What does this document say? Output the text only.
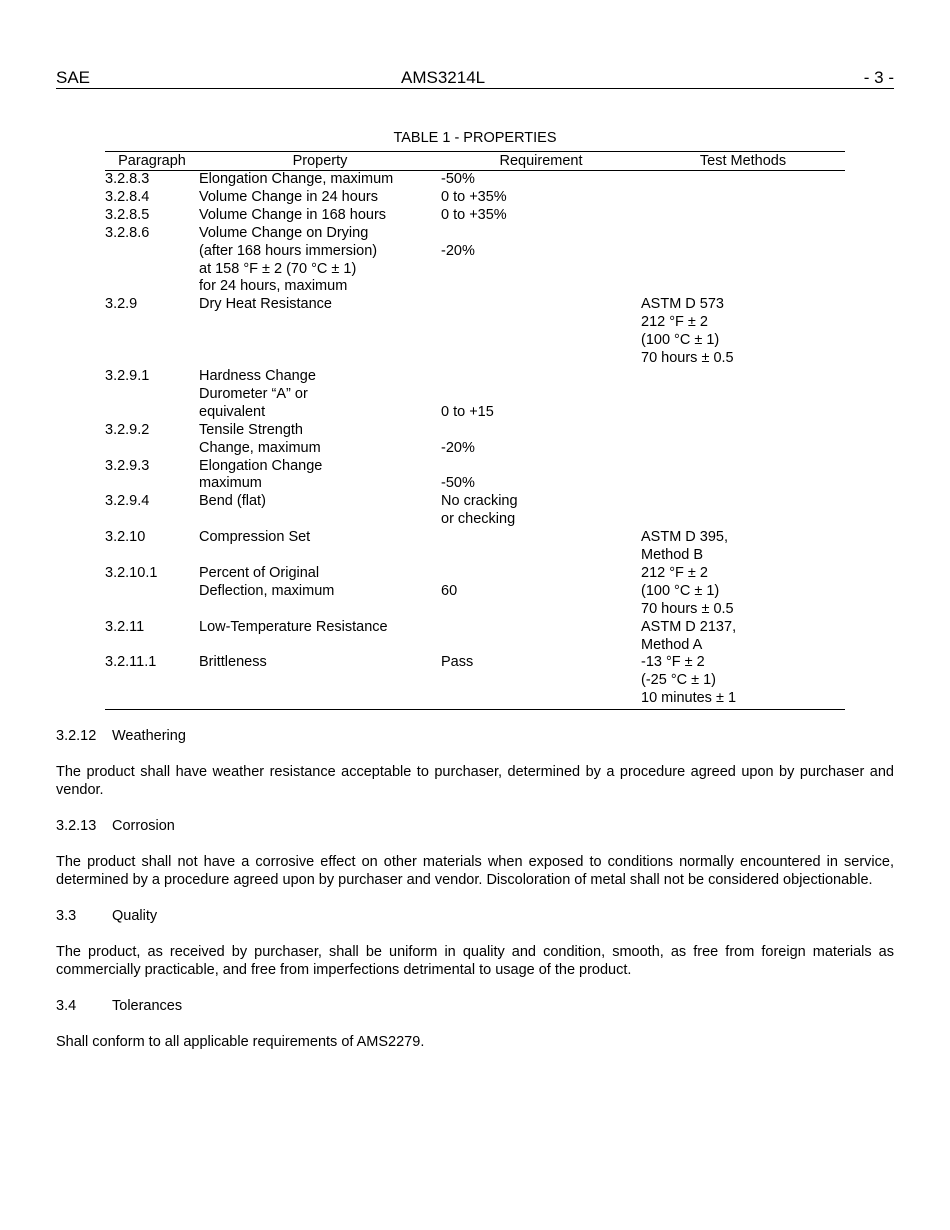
SAE	AMS3214L	- 3 -
TABLE 1 - PROPERTIES
Paragraph	Property	Requirement	Test Methods

3.2.8.3	Elongation Change, maximum	-50%	

3.2.8.4	Volume Change in 24 hours	0 to +35%	

3.2.8.5	Volume Change in 168 hours	0 to +35%	

3.2.8.6	Volume Change on Drying
(after 168 hours immersion)
at 158 °F ± 2 (70 °C ± 1)
for 24 hours, maximum	-20%	

3.2.9	Dry Heat Resistance		ASTM D 573
212 °F ± 2
(100 °C ± 1)
70 hours ± 0.5

3.2.9.1	Hardness Change
Durometer “A” or
equivalent	0 to +15	

3.2.9.2	Tensile Strength
Change, maximum	-20%	

3.2.9.3	Elongation Change
maximum	-50%	

3.2.9.4	Bend (flat)	No cracking
or checking	

3.2.10	Compression Set		ASTM D 395,
Method B

3.2.10.1	Percent of Original
Deflection, maximum	60	212 °F ± 2
(100 °C ± 1)
70 hours ± 0.5

3.2.11	Low-Temperature Resistance		ASTM D 2137,
Method A

3.2.11.1	Brittleness	Pass	-13 °F ± 2
(-25 °C ± 1)
10 minutes ± 1
3.2.12 Weathering
The product shall have weather resistance acceptable to purchaser, determined by a procedure agreed upon by purchaser and vendor.
3.2.13 Corrosion
The product shall not have a corrosive effect on other materials when exposed to conditions normally encountered in service, determined by a procedure agreed upon by purchaser and vendor. Discoloration of metal shall not be considered objectionable.
3.3 Quality
The product, as received by purchaser, shall be uniform in quality and condition, smooth, as free from foreign materials as commercially practicable, and free from imperfections detrimental to usage of the product.
3.4 Tolerances
Shall conform to all applicable requirements of AMS2279.
